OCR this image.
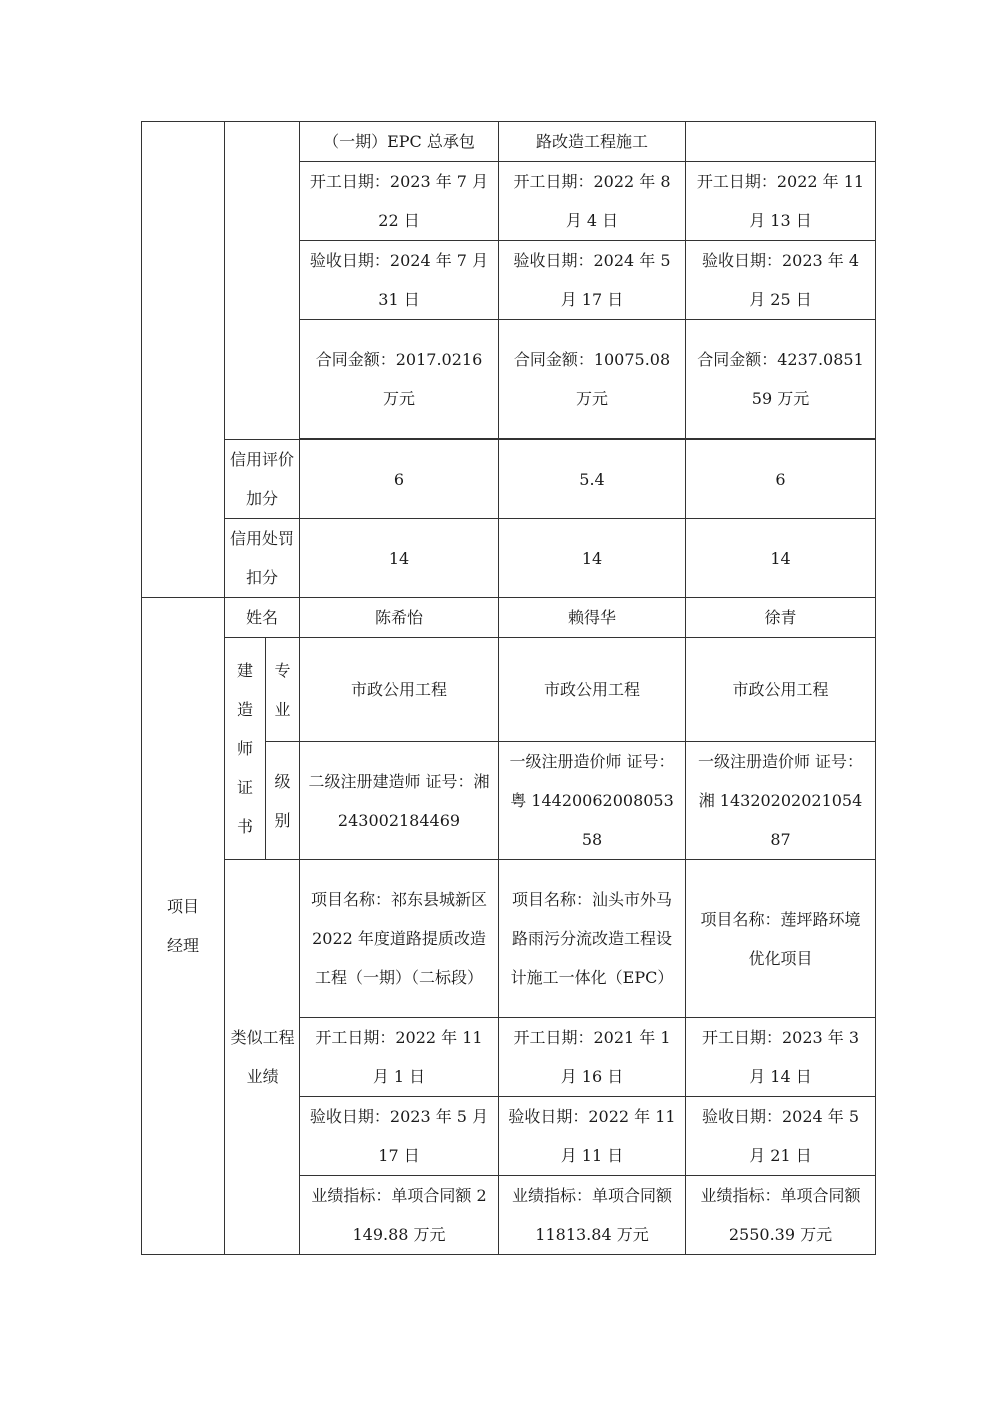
			（一期）EPC 总承包	路改造工程施工	
			开工日期：2023 年 7 月 22 日	开工日期：2022 年 8 月 4 日	开工日期：2022 年 11 月 13 日
			验收日期：2024 年 7 月 31 日	验收日期：2024 年 5 月 17 日	验收日期：2023 年 4 月 25 日
			合同金额：2017.0216 万元	合同金额：10075.08 万元	合同金额：4237.085159 万元

	信用评价加分		6	5.4	6
	信用处罚扣分		14	14	14
项目经理	姓名		陈希怡	赖得华	徐青
	建造师证书	专业	市政公用工程	市政公用工程	市政公用工程
		级别	二级注册建造师 证号：湘 243002184469	一级注册造价师 证号：粤 1442006200805358	一级注册造价师 证号：湘 1432020202105487
	类似工程业绩		项目名称：祁东县城新区 2022 年度道路提质改造工程（一期）（二标段）	项目名称：汕头市外马路雨污分流改造工程设计施工一体化（EPC）	项目名称：莲坪路环境优化项目
			开工日期：2022 年 11 月 1 日	开工日期：2021 年 1 月 16 日	开工日期：2023 年 3 月 14 日
			验收日期：2023 年 5 月 17 日	验收日期：2022 年 11 月 11 日	验收日期：2024 年 5 月 21 日
			业绩指标：单项合同额 2149.88 万元	业绩指标：单项合同额 11813.84 万元	业绩指标：单项合同额 2550.39 万元
